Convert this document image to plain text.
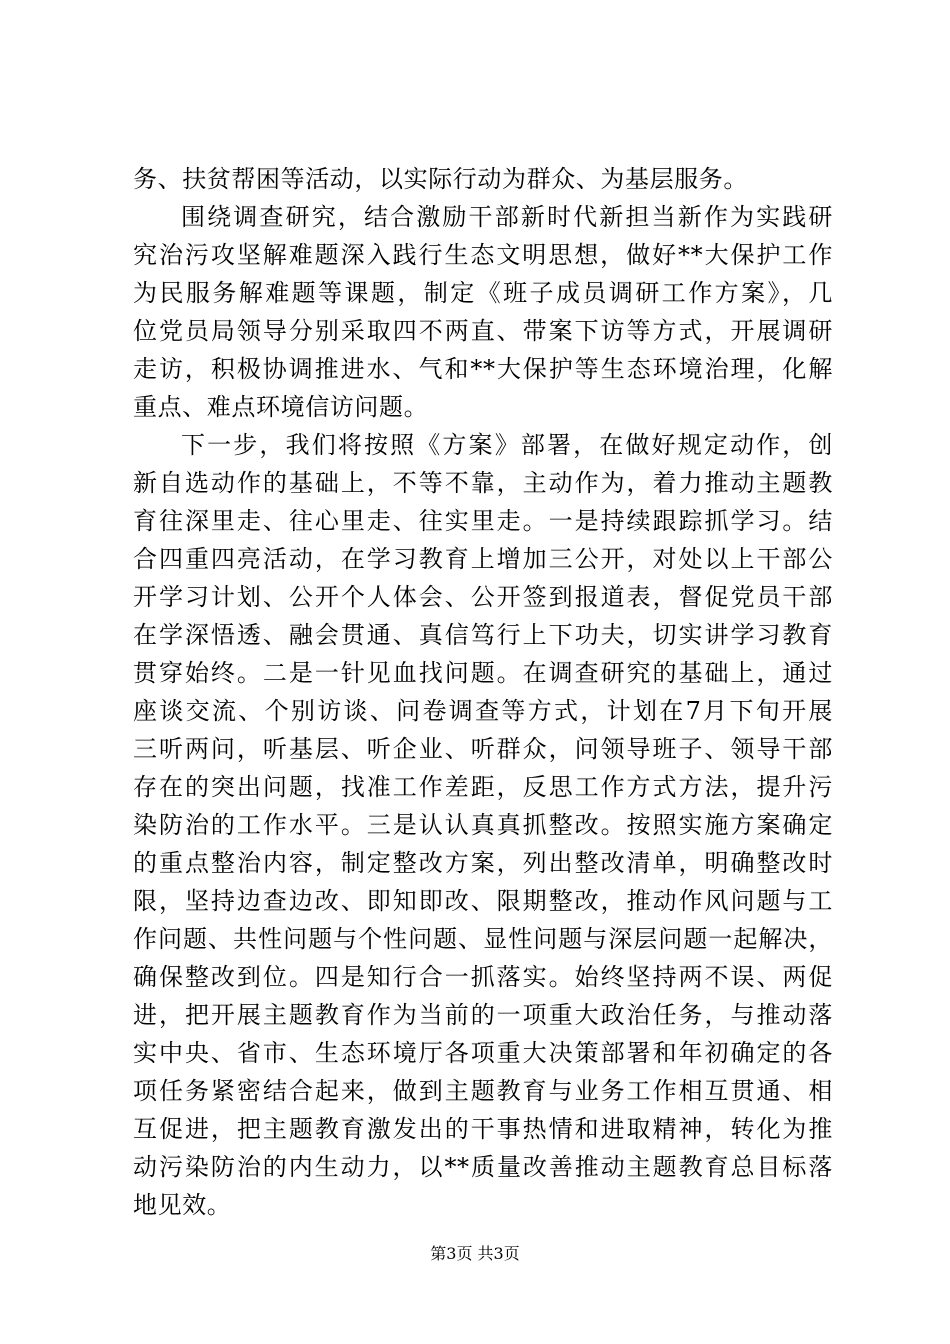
务、扶贫帮困等活动，以实际行动为群众、为基层服务。
围绕调查研究，结合激励干部新时代新担当新作为实践研
究治污攻坚解难题深入践行生态文明思想，做好**大保护工作
为民服务解难题等课题，制定《班子成员调研工作方案》，几
位党员局领导分别采取四不两直、带案下访等方式，开展调研
走访，积极协调推进水、气和**大保护等生态环境治理，化解
重点、难点环境信访问题。
下一步，我们将按照《方案》部署，在做好规定动作，创
新自选动作的基础上，不等不靠，主动作为，着力推动主题教
育往深里走、往心里走、往实里走。一是持续跟踪抓学习。结
合四重四亮活动，在学习教育上增加三公开，对处以上干部公
开学习计划、公开个人体会、公开签到报道表，督促党员干部
在学深悟透、融会贯通、真信笃行上下功夫，切实讲学习教育
贯穿始终。二是一针见血找问题。在调查研究的基础上，通过
座谈交流、个别访谈、问卷调查等方式，计划在7月下旬开展
三听两问，听基层、听企业、听群众，问领导班子、领导干部
存在的突出问题，找准工作差距，反思工作方式方法，提升污
染防治的工作水平。三是认认真真抓整改。按照实施方案确定
的重点整治内容，制定整改方案，列出整改清单，明确整改时
限，坚持边查边改、即知即改、限期整改，推动作风问题与工
作问题、共性问题与个性问题、显性问题与深层问题一起解决，
确保整改到位。四是知行合一抓落实。始终坚持两不误、两促
进，把开展主题教育作为当前的一项重大政治任务，与推动落
实中央、省市、生态环境厅各项重大决策部署和年初确定的各
项任务紧密结合起来，做到主题教育与业务工作相互贯通、相
互促进，把主题教育激发出的干事热情和进取精神，转化为推
动污染防治的内生动力，以**质量改善推动主题教育总目标落
地见效。
第3页 共3页
